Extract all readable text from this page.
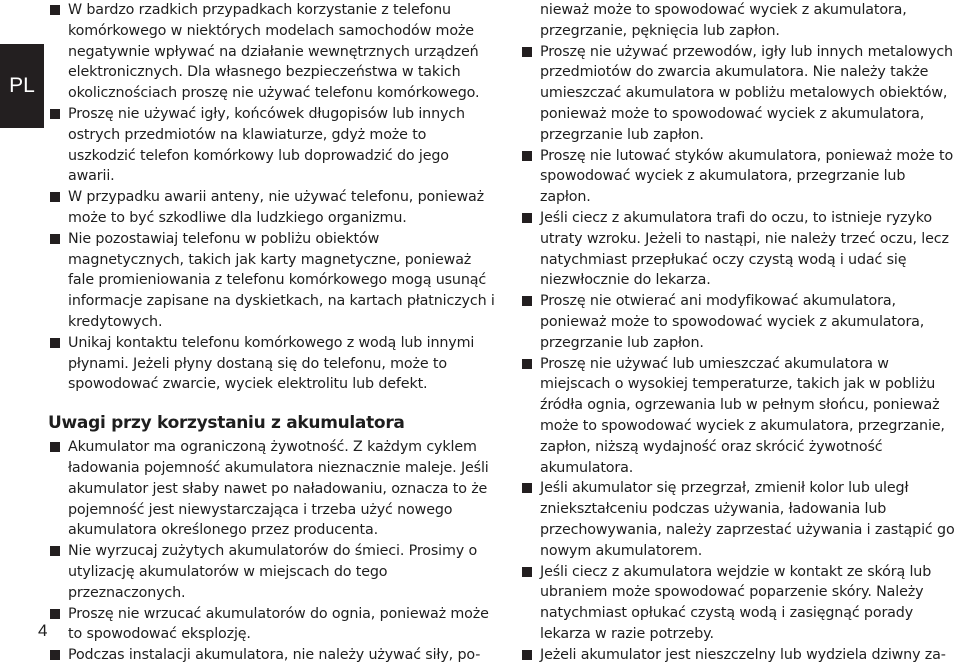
PL
4
W bardzo rzadkich przypadkach korzystanie z telefonu komórkowego w niektórych modelach samochodów może negatywnie wpływać na działanie wewnętrznych urządzeń elektronicznych. Dla własnego bezpieczeństwa w takich okolicznościach proszę nie używać telefonu komórkowego.
Proszę nie używać igły, końcówek długopisów lub innych ostrych przedmiotów na klawiaturze, gdyż może to uszkodzić telefon komórkowy lub doprowadzić do jego awarii.
W przypadku awarii anteny, nie używać telefonu, ponieważ może to być szkodliwe dla ludzkiego organizmu.
Nie pozostawiaj telefonu w pobliżu obiektów magnetycznych, takich jak karty magnetyczne, ponieważ fale promieniowania z telefonu komórkowego mogą usunąć informacje zapisane na dyskietkach, na kartach płatniczych i kredytowych.
Unikaj kontaktu telefonu komórkowego z wodą lub innymi płynami. Jeżeli płyny dostaną się do telefonu, może to spowodować zwarcie, wyciek elektrolitu lub defekt.
Uwagi przy korzystaniu z akumulatora
Akumulator ma ograniczoną żywotność. Z każdym cyklem ładowania pojemność akumulatora nieznacznie maleje. Jeśli akumulator jest słaby nawet po naładowaniu, oznacza to że pojemność jest niewystarczająca i trzeba użyć nowego akumulatora określonego przez producenta.
Nie wyrzucaj zużytych akumulatorów do śmieci. Prosimy o utylizację akumulatorów w miejscach do tego przeznaczonych.
Proszę nie wrzucać akumulatorów do ognia, ponieważ może to spowodować eksplozję.
Podczas instalacji akumulatora, nie należy używać siły, po-
nieważ może to spowodować wyciek z akumulatora, przegrzanie, pęknięcia lub zapłon.
Proszę nie używać przewodów, igły lub innych metalowych przedmiotów do zwarcia akumulatora. Nie należy także umieszczać akumulatora w pobliżu metalowych obiektów, ponieważ może to spowodować wyciek z akumulatora, przegrzanie lub zapłon.
Proszę nie lutować styków akumulatora, ponieważ może to spowodować wyciek z akumulatora, przegrzanie lub zapłon.
Jeśli ciecz z akumulatora trafi do oczu, to istnieje ryzyko utraty wzroku. Jeżeli to nastąpi, nie należy trzeć oczu, lecz natychmiast przepłukać oczy czystą wodą i udać się niezwłocznie do lekarza.
Proszę nie otwierać ani modyfikować akumulatora, ponieważ może to spowodować wyciek z akumulatora, przegrzanie lub zapłon.
Proszę nie używać lub umieszczać akumulatora w miejscach o wysokiej temperaturze, takich jak w pobliżu źródła ognia, ogrzewania lub w pełnym słońcu, ponieważ może to spowodować wyciek z akumulatora, przegrzanie, zapłon, niższą wydajność oraz skrócić żywotność akumulatora.
Jeśli akumulator się przegrzał, zmienił kolor lub uległ zniekształceniu podczas używania, ładowania lub przechowywania, należy zaprzestać używania i zastąpić go nowym akumulatorem.
Jeśli ciecz z akumulatora wejdzie w kontakt ze skórą lub ubraniem może spowodować poparzenie skóry. Należy natychmiast opłukać czystą wodą i zasięgnąć porady lekarza w razie potrzeby.
Jeżeli akumulator jest nieszczelny lub wydziela dziwny za-
